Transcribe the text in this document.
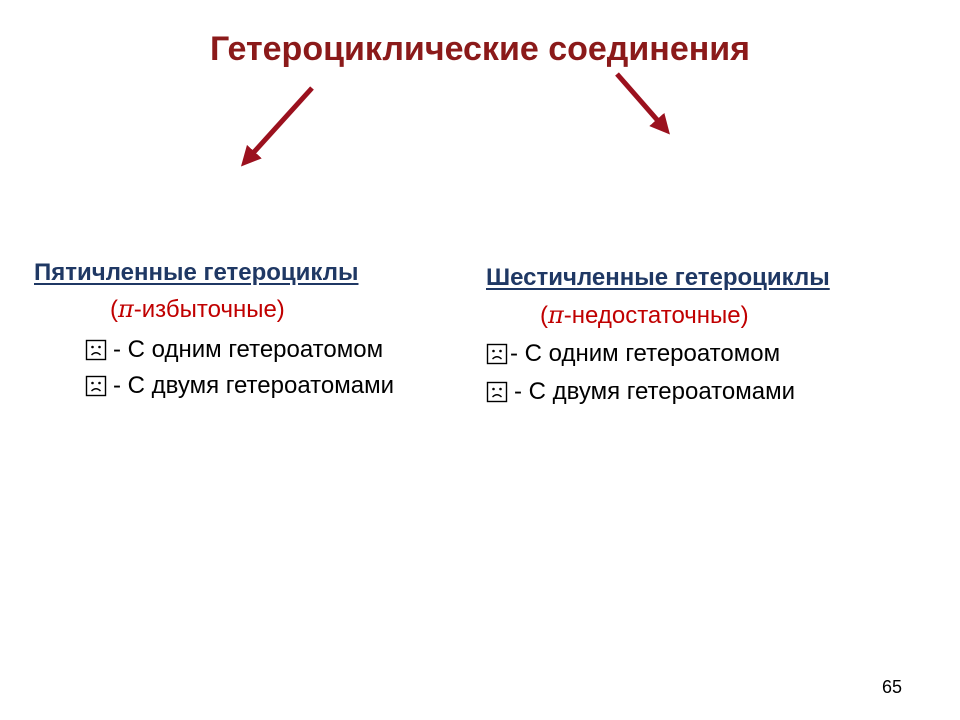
Гетероциклические соединения
Пятичленные гетероциклы
(π-избыточные)
- С одним гетероатомом
- С двумя гетероатомами
Шестичленные гетероциклы
(π-недостаточные)
- С одним гетероатомом
- С двумя гетероатомами
65
